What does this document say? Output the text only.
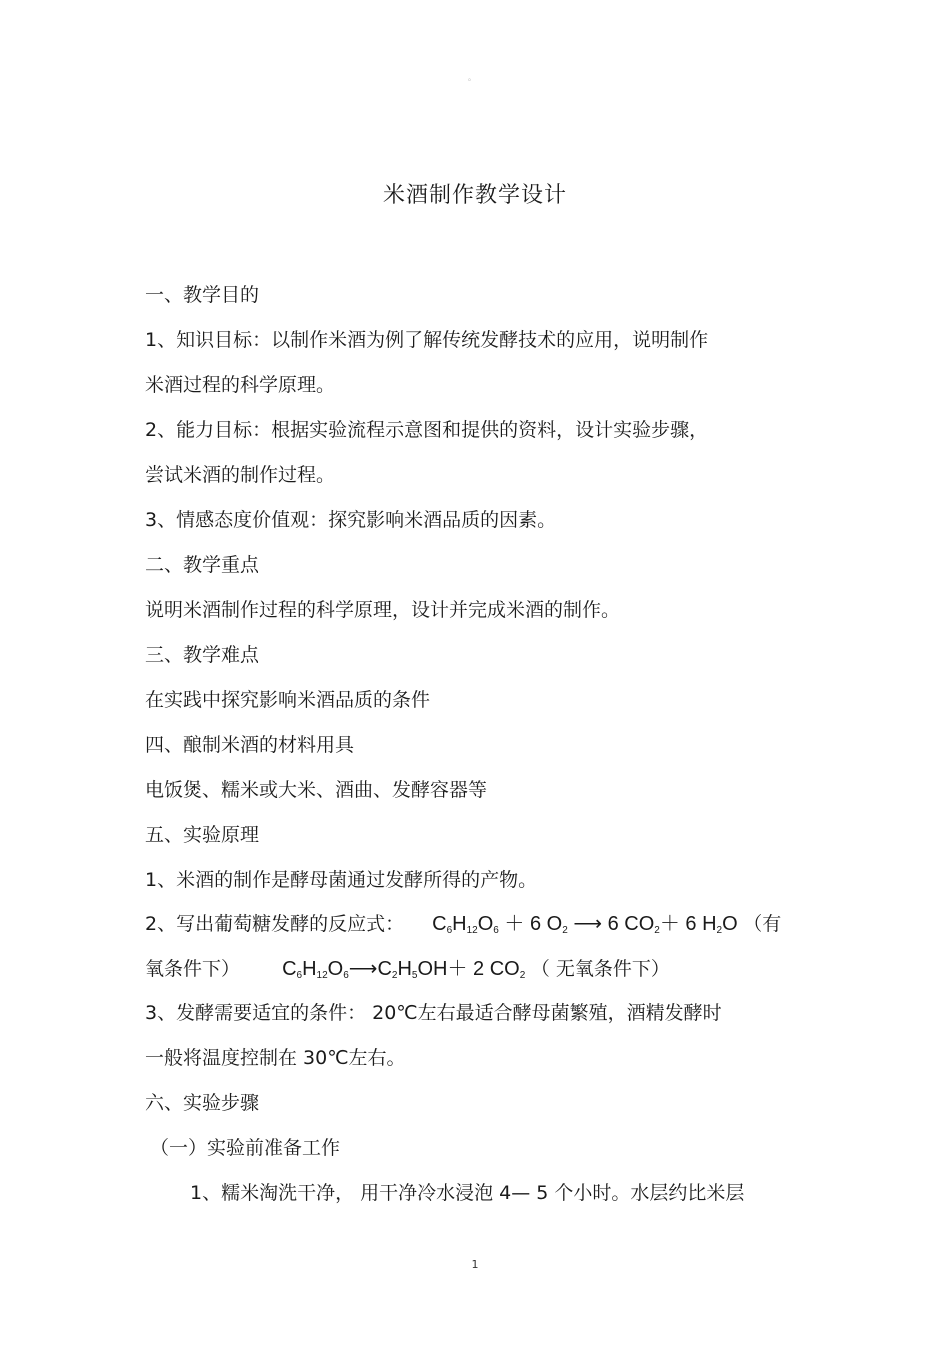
。
米酒制作教学设计
一、教学目的
1、知识目标：以制作米酒为例了解传统发酵技术的应用，说明制作
米酒过程的科学原理。
2、能力目标：根据实验流程示意图和提供的资料，设计实验步骤，
尝试米酒的制作过程。
3、情感态度价值观：探究影响米酒品质的因素。
二、教学重点
说明米酒制作过程的科学原理，设计并完成米酒的制作。
三、教学难点
在实践中探究影响米酒品质的条件
四、酿制米酒的材料用具
电饭煲、糯米或大米、酒曲、发酵容器等
五、实验原理
1、米酒的制作是酵母菌通过发酵所得的产物。
2、写出葡萄糖发酵的反应式： $C_6H_{12}O_6 + 6$ $O_2$ ⟶ 6 $CO_2+ 6$ $H_2O$ （有
氧条件下） $C_6H_{12}O_6⟶C_2H_5OH+ 2$ $CO_2$ （ 无氧条件下）
3、发酵需要适宜的条件： 20℃左右最适合酵母菌繁殖，酒精发酵时
一般将温度控制在 30℃左右。
六、实验步骤
（一）实验前准备工作
1、糯米淘洗干净， 用干净冷水浸泡 4— 5 个小时。水层约比米层
1
